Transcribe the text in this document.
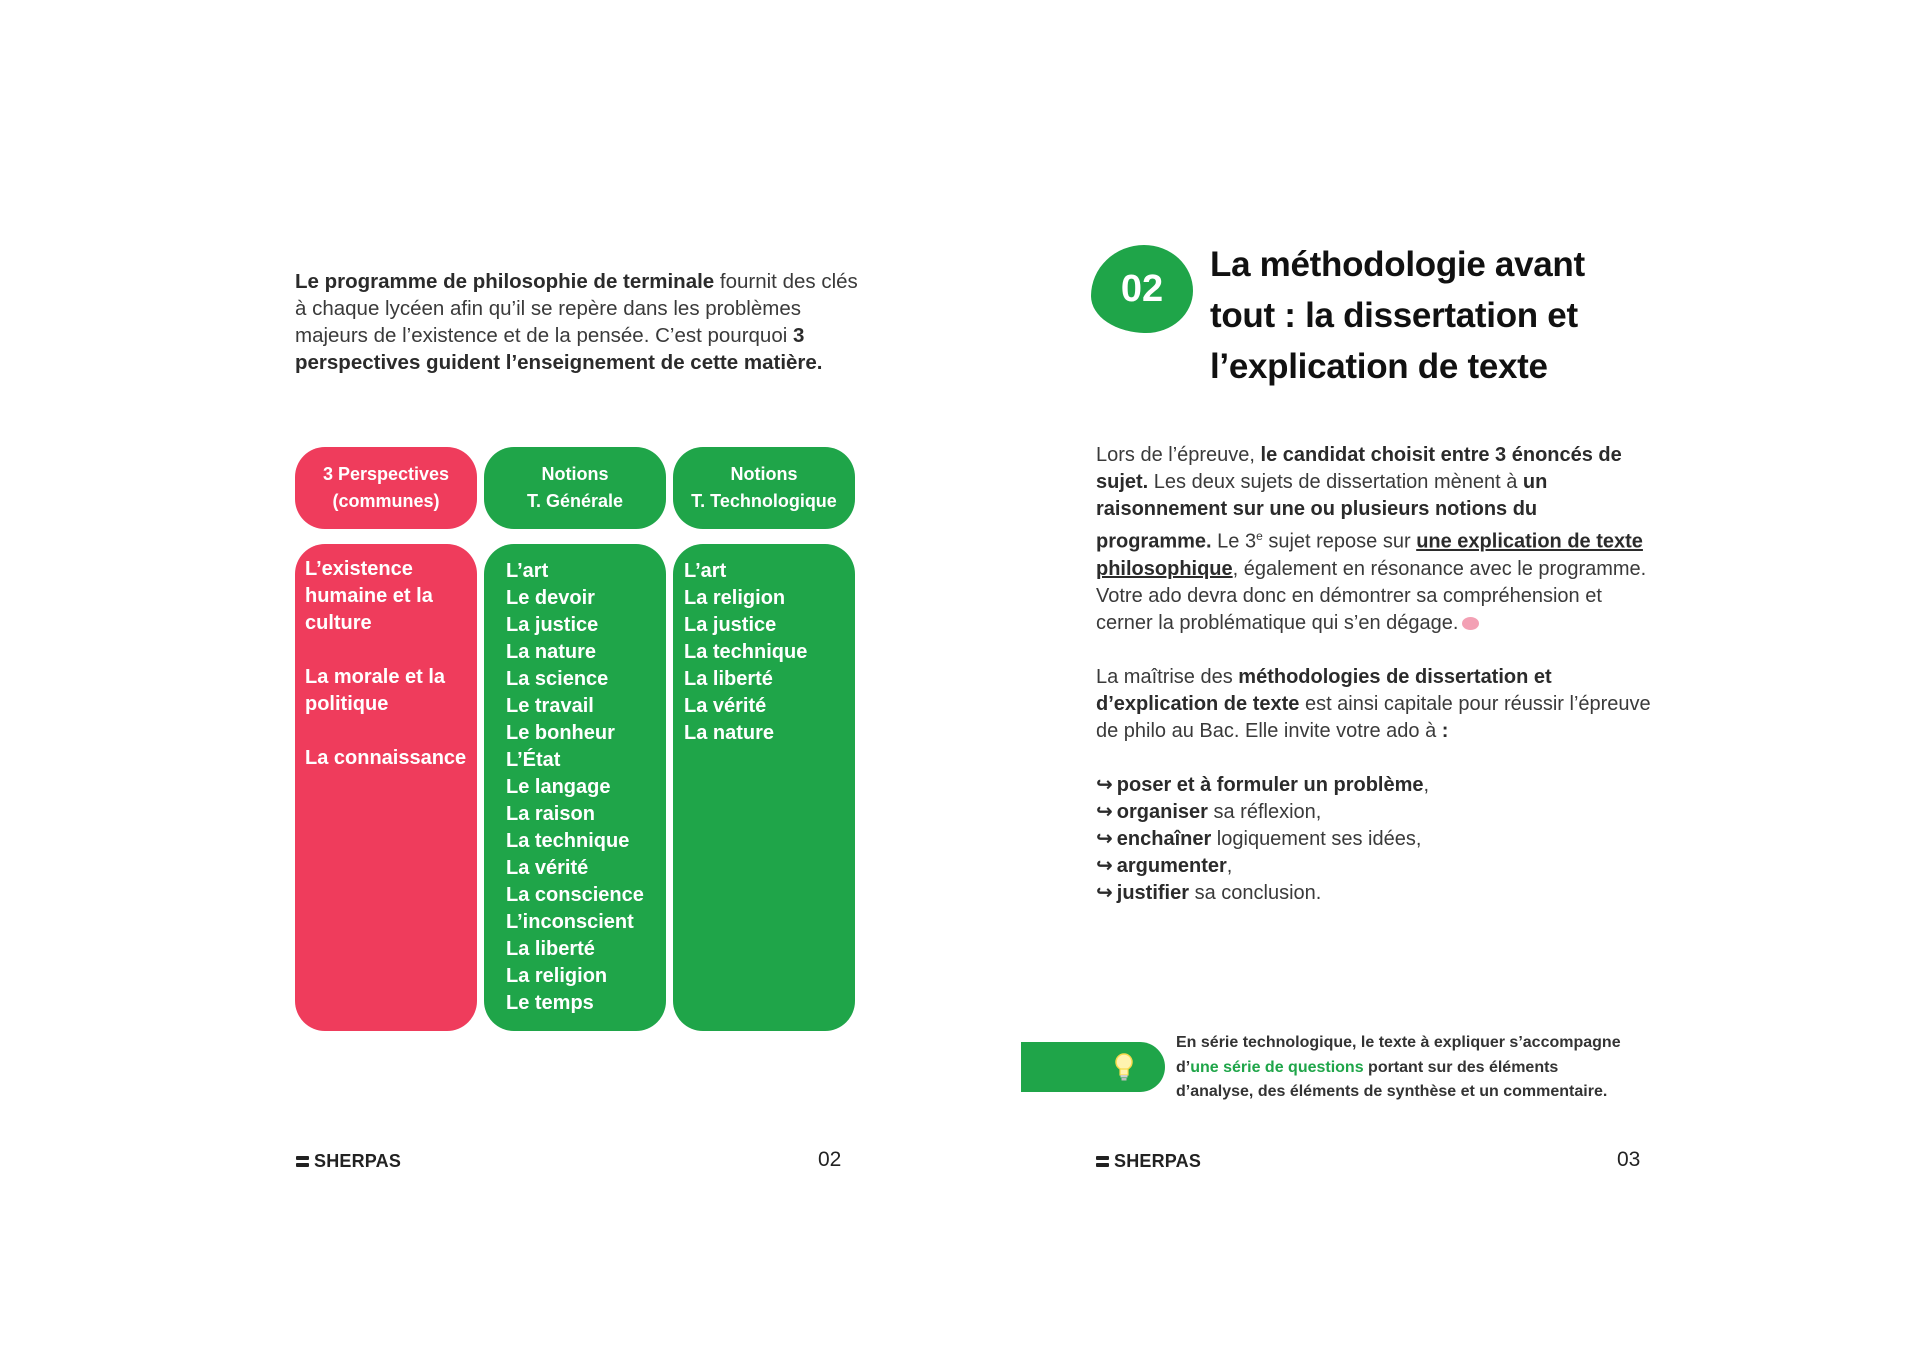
Le programme de philosophie de terminale fournit des clés à chaque lycéen afin qu’il se repère dans les problèmes majeurs de l’existence et de la pensée. C’est pourquoi 3 perspectives guident l’enseignement de cette matière.
3 Perspectives
(communes)
Notions
T. Générale
Notions
T. Technologique
L’existence humaine et la culture
La morale et la politique
La connaissance
L’art
Le devoir
La justice
La nature
La science
Le travail
Le bonheur
L’État
Le langage
La raison
La technique
La vérité
La conscience
L’inconscient
La liberté
La religion
Le temps
L’art
La religion
La justice
La technique
La liberté
La vérité
La nature
SHERPAS	02
02
La méthodologie avant
tout : la dissertation et
l’explication de texte

Lors de l’épreuve, le candidat choisit entre 3 énoncés de sujet. Les deux sujets de dissertation mènent à un raisonnement sur une ou plusieurs notions du programme. Le 3e sujet repose sur une explication de texte philosophique, également en résonance avec le programme. Votre ado devra donc en démontrer sa compréhension et cerner la problématique qui s’en dégage.

La maîtrise des méthodologies de dissertation et d’explication de texte est ainsi capitale pour réussir l’épreuve de philo au Bac. Elle invite votre ado à :

↪ poser et à formuler un problème,
↪ organiser sa réflexion,
↪ enchaîner logiquement ses idées,
↪ argumenter,
↪ justifier sa conclusion.
En série technologique, le texte à expliquer s’accompagne d’une série de questions portant sur des éléments d’analyse, des éléments de synthèse et un commentaire.
SHERPAS	03
